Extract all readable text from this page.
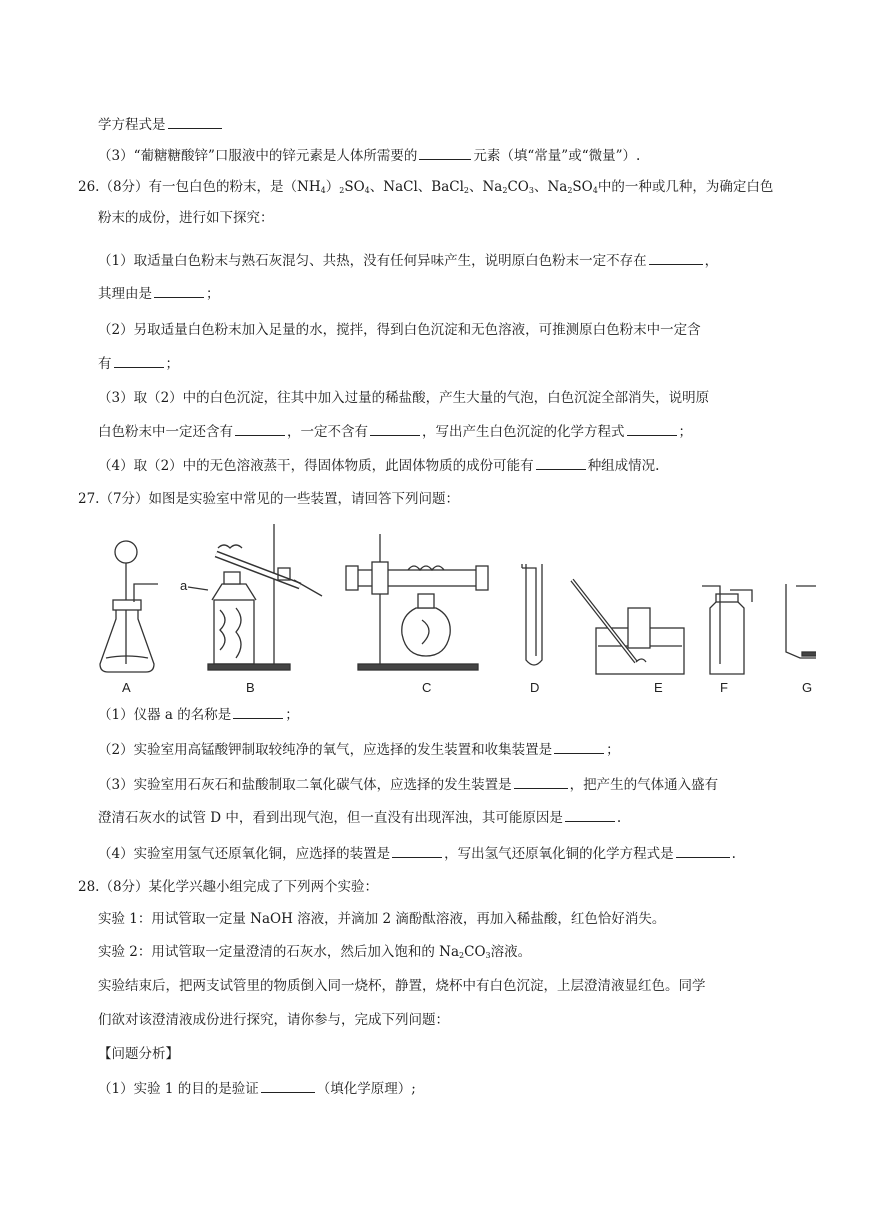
学方程式是
（3）“葡糖糖酸锌”口服液中的锌元素是人体所需要的	元素（填“常量”或“微量”）.
26.（8分）有一包白色的粉末，是$(NH_4)_2SO_4$、NaCl、BaCl$_2$、$Na_2CO_3$、$Na_2SO_4$中的一种或几种，为确定白色
粉末的成份，进行如下探究：
（1）取适量白色粉末与熟石灰混匀、共热，没有任何异味产生，说明原白色粉末一定不存在	，
其理由是	；
（2）另取适量白色粉末加入足量的水，搅拌，得到白色沉淀和无色溶液，可推测原白色粉末中一定含
有	；
（3）取（2）中的白色沉淀，往其中加入过量的稀盐酸，产生大量的气泡，白色沉淀全部消失，说明原
白色粉末中一定还含有	，一定不含有	，写出产生白色沉淀的化学方程式	；
（4）取（2）中的无色溶液蒸干，得固体物质，此固体物质的成份可能有	种组成情况.
27.（7分）如图是实验室中常见的一些装置，请回答下列问题：
A
a
B	C	D	E	F	G
（1）仪器 a 的名称是	；
（2）实验室用高锰酸钾制取较纯净的氧气，应选择的发生装置和收集装置是	；
（3）实验室用石灰石和盐酸制取二氧化碳气体，应选择的发生装置是	，把产生的气体通入盛有
澄清石灰水的试管 D 中，看到出现气泡，但一直没有出现浑浊，其可能原因是	.
（4）实验室用氢气还原氧化铜，应选择的装置是	，写出氢气还原氧化铜的化学方程式是	.
28.（8分）某化学兴趣小组完成了下列两个实验：
实验 1：用试管取一定量 NaOH 溶液，并滴加 2 滴酚酞溶液，再加入稀盐酸，红色恰好消失。
实验 2：用试管取一定量澄清的石灰水，然后加入饱和的 $Na_2CO_3$溶液。
实验结束后，把两支试管里的物质倒入同一烧杯，静置，烧杯中有白色沉淀，上层澄清液显红色。同学
们欲对该澄清液成份进行探究，请你参与，完成下列问题：
【问题分析】
（1）实验 1 的目的是验证	（填化学原理）;
